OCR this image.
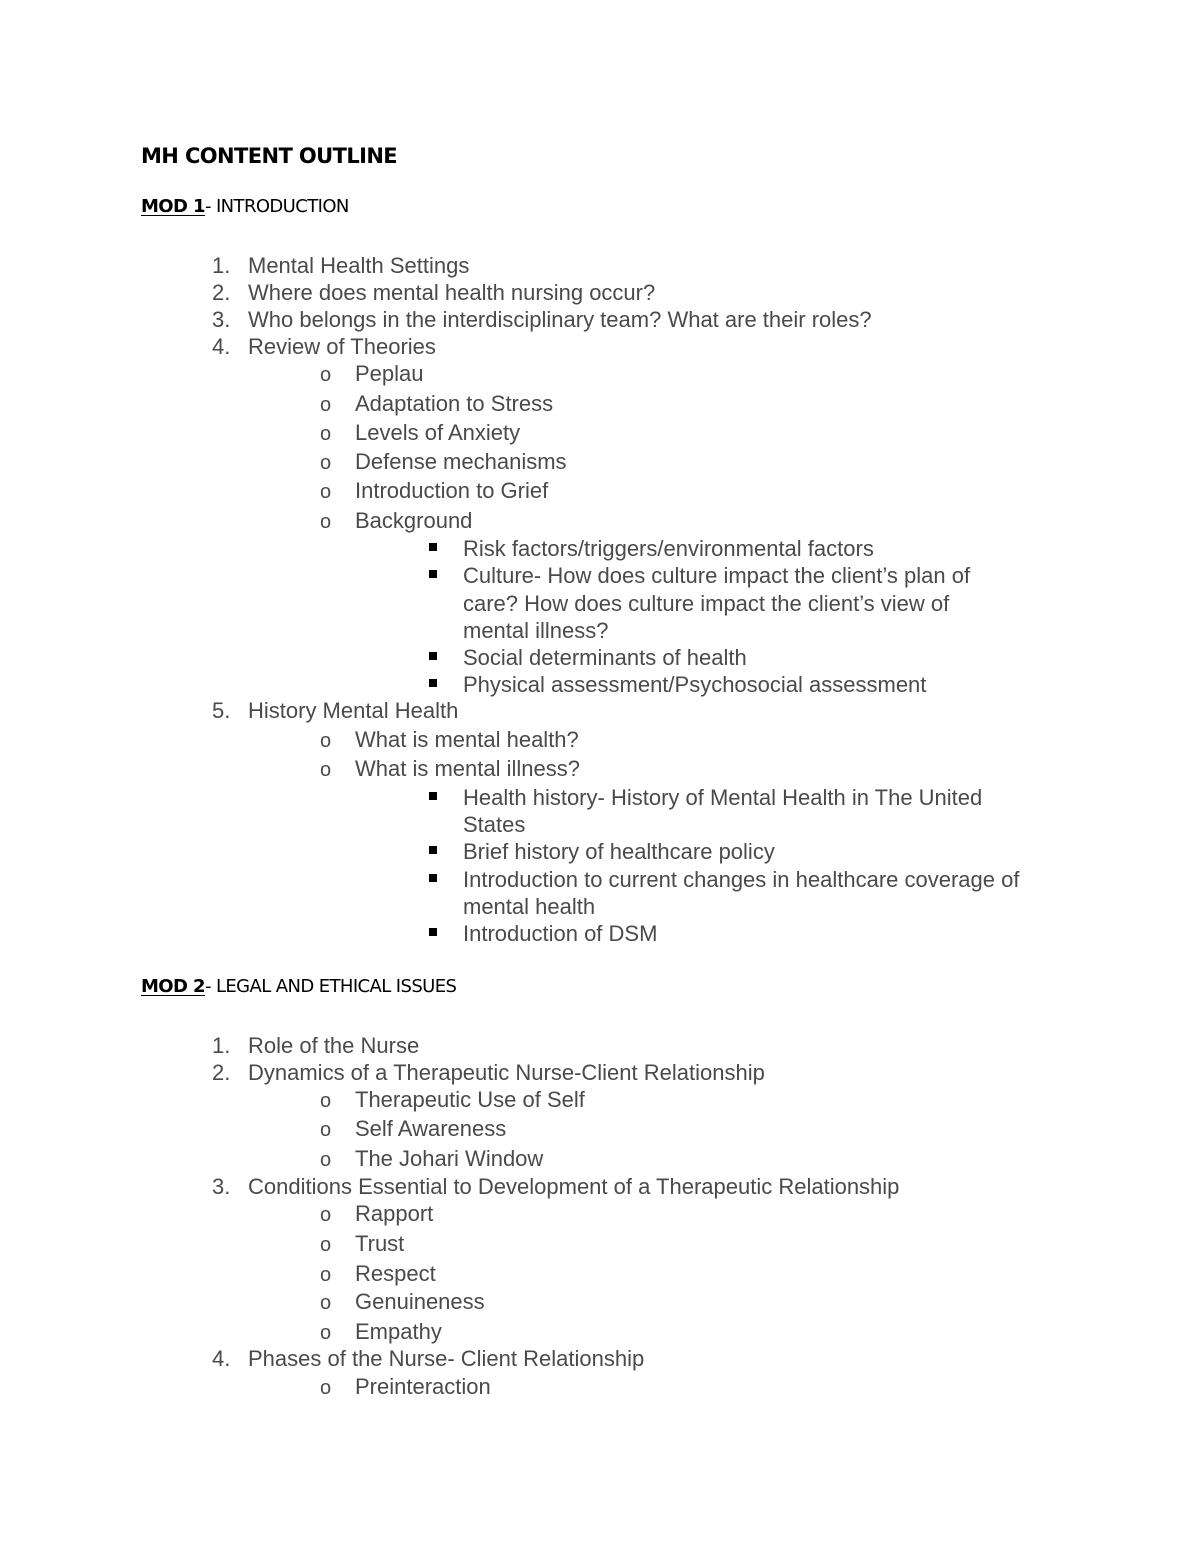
MH CONTENT OUTLINE
MOD 1- INTRODUCTION
1. Mental Health Settings
2. Where does mental health nursing occur?
3. Who belongs in the interdisciplinary team? What are their roles?
4. Review of Theories
o Peplau
o Adaptation to Stress
o Levels of Anxiety
o Defense mechanisms
o Introduction to Grief
o Background
Risk factors/triggers/environmental factors
Culture- How does culture impact the client’s plan of
care? How does culture impact the client’s view of
mental illness?
Social determinants of health
Physical assessment/Psychosocial assessment
5. History Mental Health
o What is mental health?
o What is mental illness?
Health history- History of Mental Health in The United
States
Brief history of healthcare policy
Introduction to current changes in healthcare coverage of
mental health
Introduction of DSM
MOD 2- LEGAL AND ETHICAL ISSUES
1. Role of the Nurse
2. Dynamics of a Therapeutic Nurse-Client Relationship
o Therapeutic Use of Self
o Self Awareness
o The Johari Window
3. Conditions Essential to Development of a Therapeutic Relationship
o Rapport
o Trust
o Respect
o Genuineness
o Empathy
4. Phases of the Nurse- Client Relationship
o Preinteraction
